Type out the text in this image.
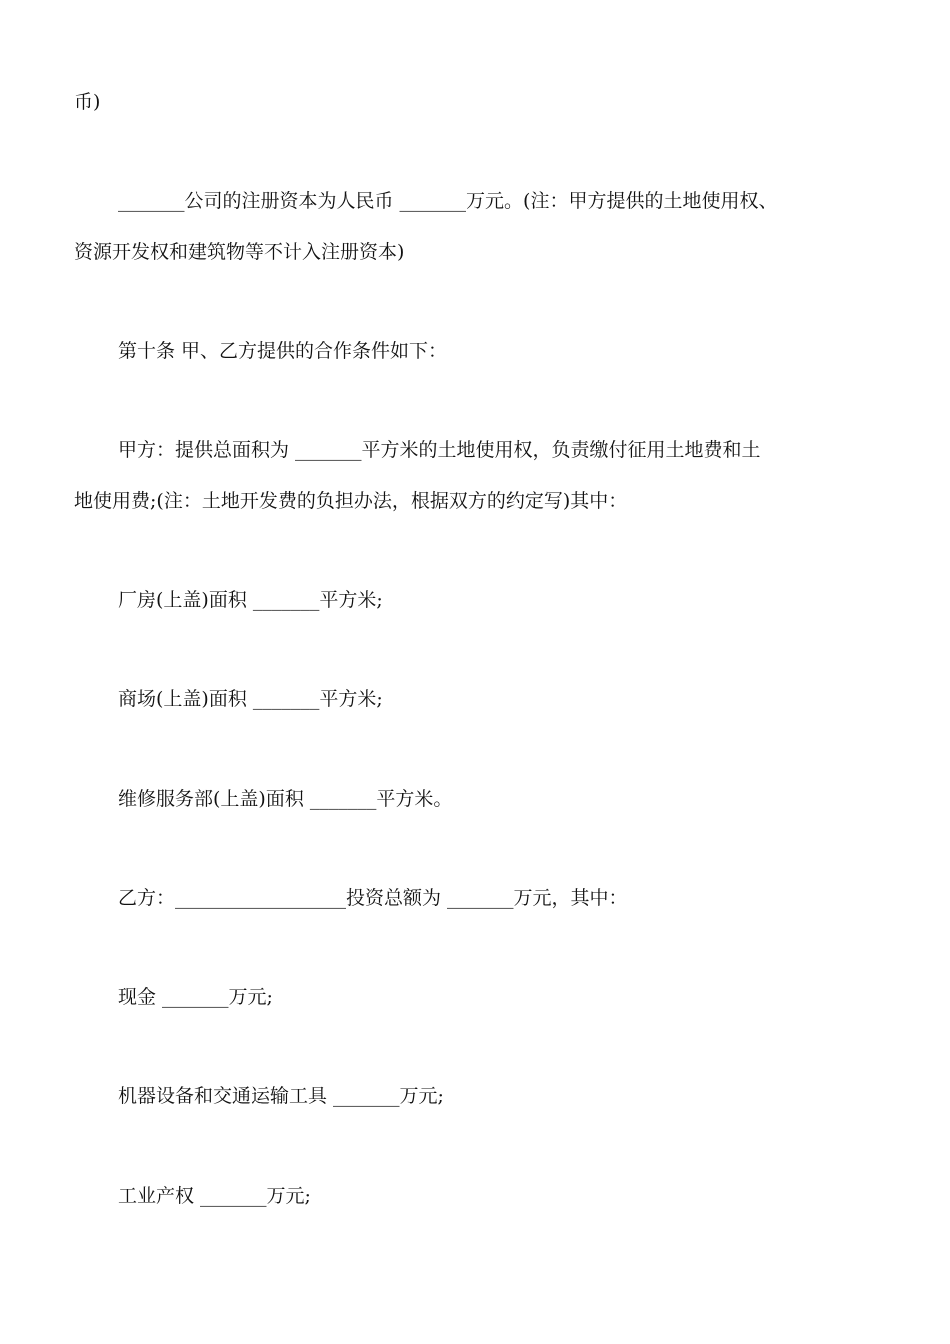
币)

_______公司的注册资本为人民币 _______万元。(注：甲方提供的土地使用权、

资源开发权和建筑物等不计入注册资本)

第十条 甲、乙方提供的合作条件如下：

甲方：提供总面积为 _______平方米的土地使用权，负责缴付征用土地费和土

地使用费;(注：土地开发费的负担办法，根据双方的约定写)其中：

厂房(上盖)面积 _______平方米;

商场(上盖)面积 _______平方米;

维修服务部(上盖)面积 _______平方米。

乙方：__________________投资总额为 _______万元，其中：

现金 _______万元;

机器设备和交通运输工具 _______万元;

工业产权 _______万元;
